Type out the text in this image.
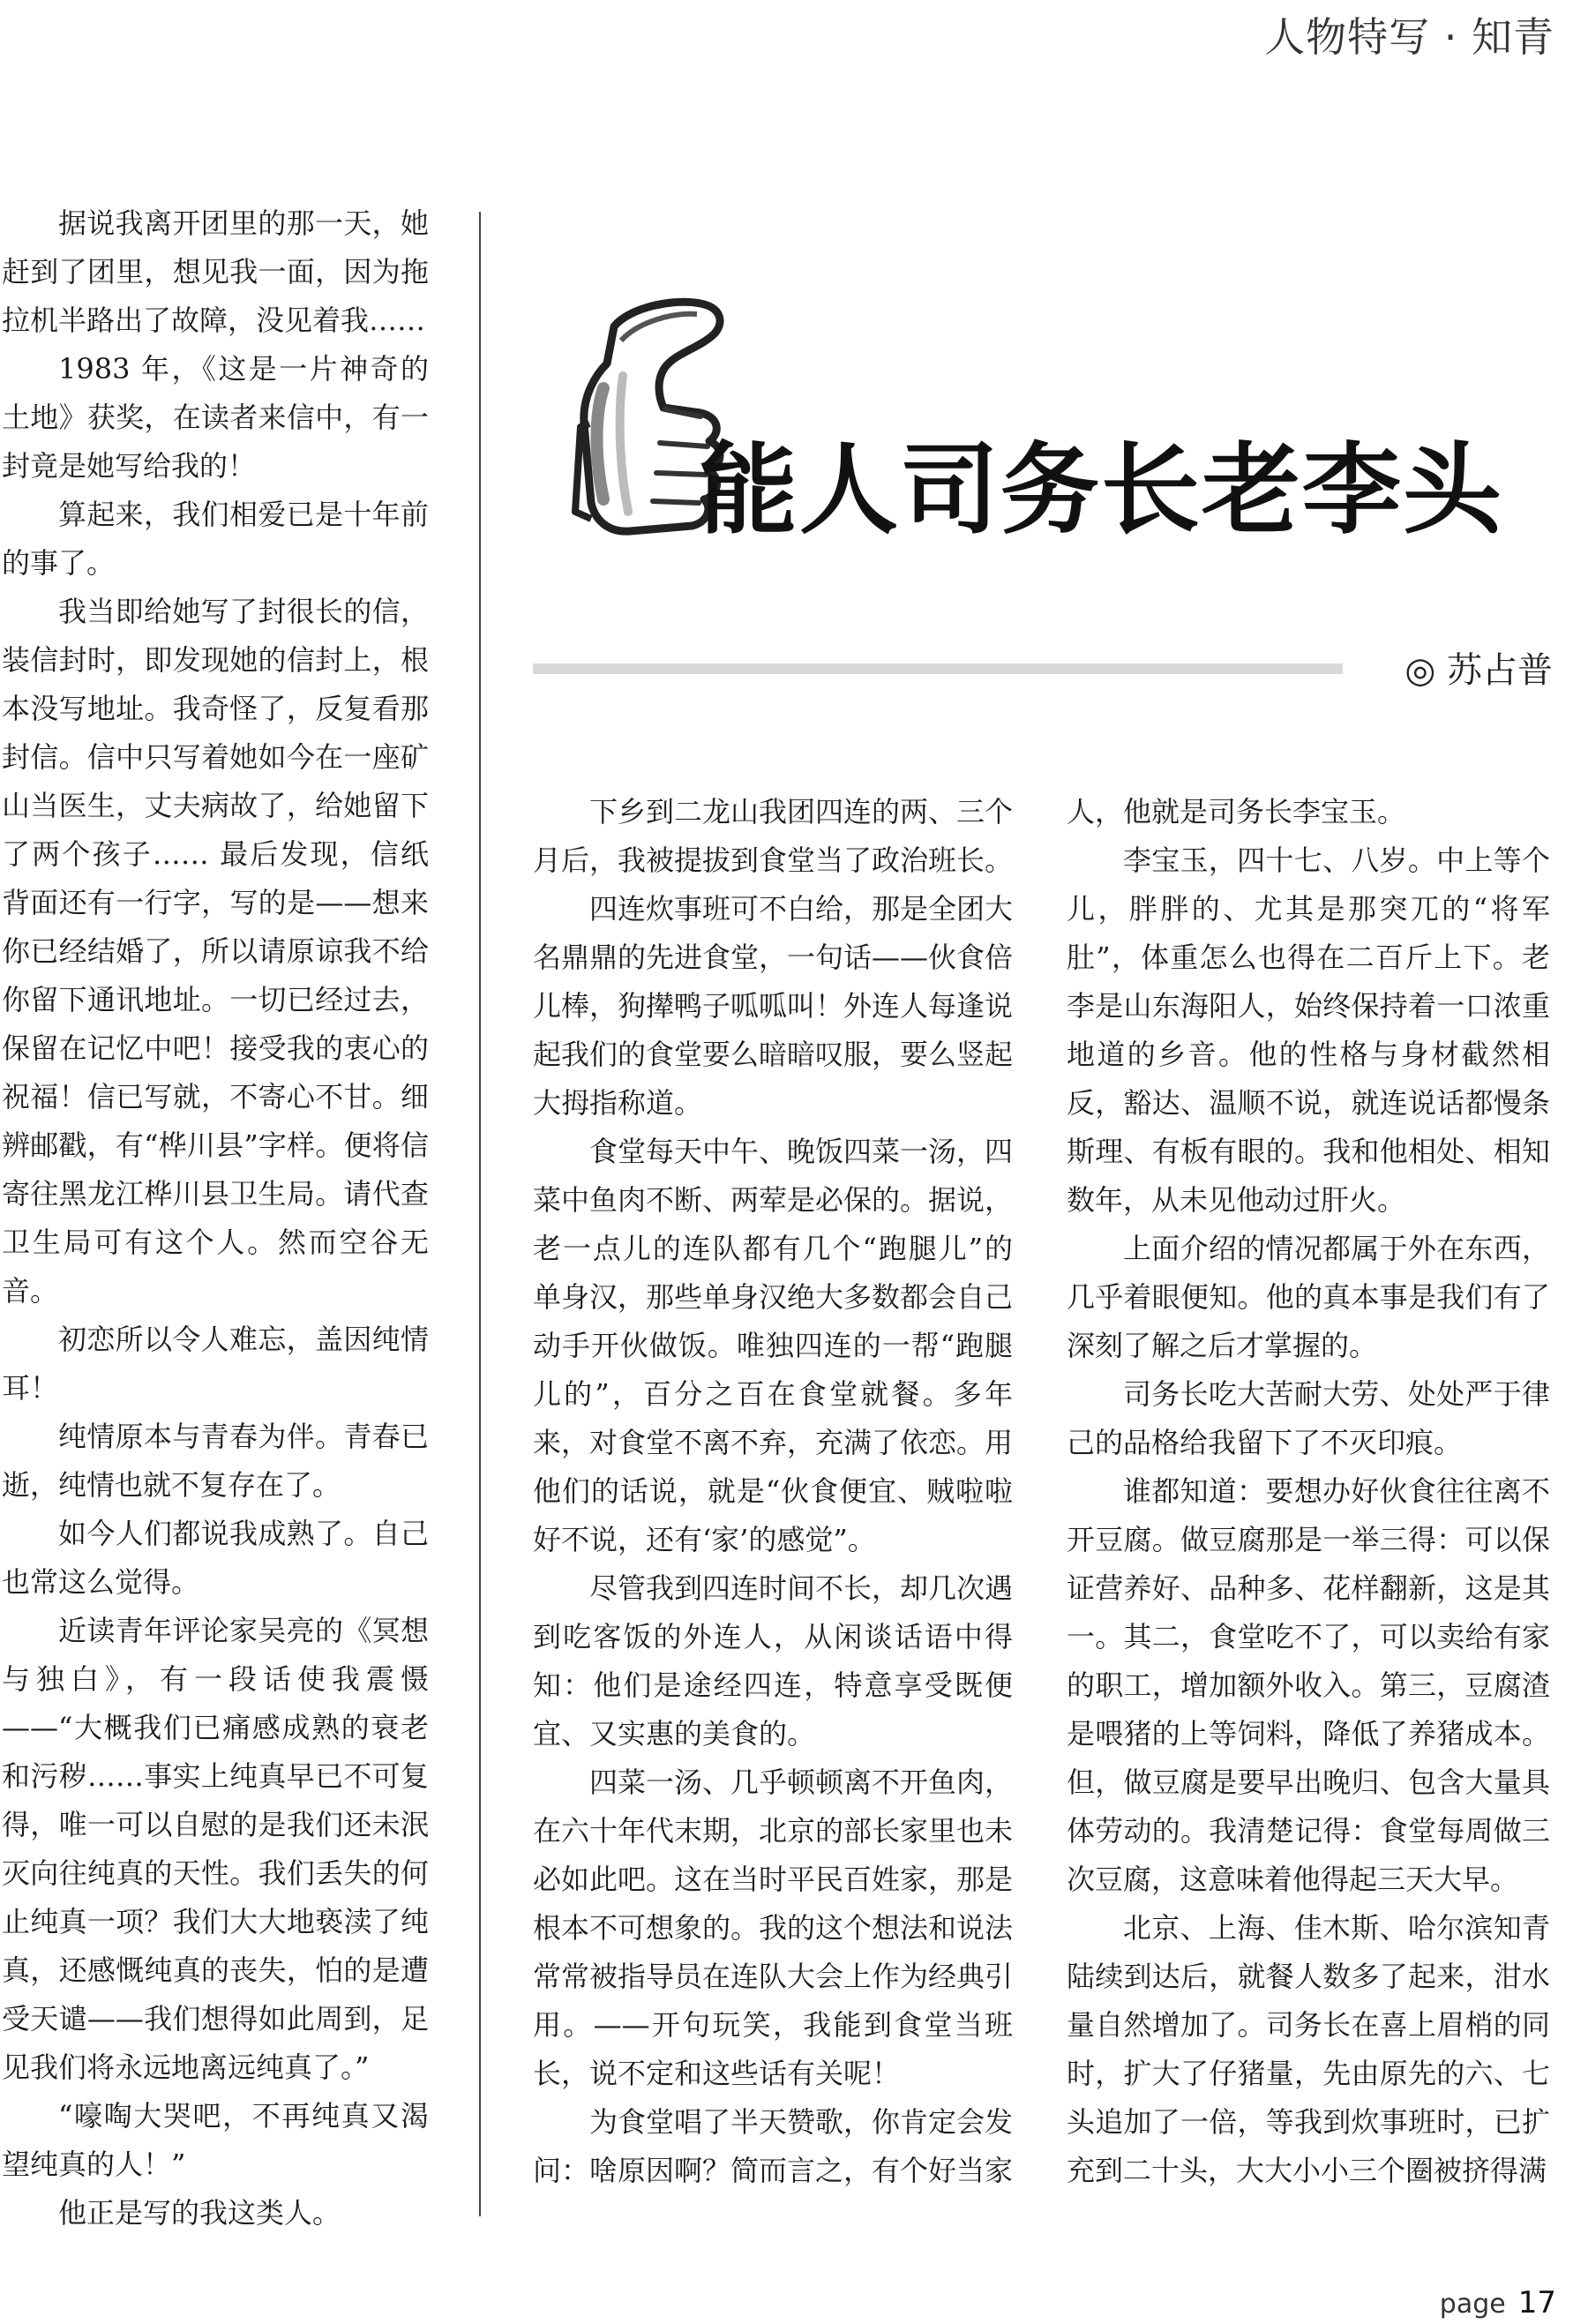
人物特写 · 知青

据说我离开团里的那一天，她赶到了团里，想见我一面，因为拖拉机半路出了故障，没见着我……

1983 年，《这是一片神奇的土地》获奖，在读者来信中，有一封竟是她写给我的！

算起来，我们相爱已是十年前的事了。

我当即给她写了封很长的信，装信封时，即发现她的信封上，根本没写地址。我奇怪了，反复看那封信。信中只写着她如今在一座矿山当医生，丈夫病故了，给她留下了两个孩子…… 最后发现，信纸背面还有一行字，写的是——想来你已经结婚了，所以请原谅我不给你留下通讯地址。一切已经过去，保留在记忆中吧！接受我的衷心的祝福！信已写就，不寄心不甘。细辨邮戳，有“桦川县”字样。便将信寄往黑龙江桦川县卫生局。请代查卫生局可有这个人。然而空谷无音。

初恋所以令人难忘，盖因纯情耳！

纯情原本与青春为伴。青春已逝，纯情也就不复存在了。

如今人们都说我成熟了。自己也常这么觉得。

近读青年评论家吴亮的《冥想与独白》，有一段话使我震慑——“大概我们已痛感成熟的衰老和污秽……事实上纯真早已不可复得，唯一可以自慰的是我们还未泯灭向往纯真的天性。我们丢失的何止纯真一项？我们大大地亵渎了纯真，还感慨纯真的丧失，怕的是遭受天谴——我们想得如此周到，足见我们将永远地离远纯真了。”

“嚎啕大哭吧，不再纯真又渴望纯真的人！”

他正是写的我这类人。

能人司务长老李头
◎ 苏占普

下乡到二龙山我团四连的两、三个月后，我被提拔到食堂当了政治班长。

四连炊事班可不白给，那是全团大名鼎鼎的先进食堂，一句话——伙食倍儿棒，狗撵鸭子呱呱叫！外连人每逢说起我们的食堂要么暗暗叹服，要么竖起大拇指称道。

食堂每天中午、晚饭四菜一汤，四菜中鱼肉不断、两荤是必保的。据说，老一点儿的连队都有几个“跑腿儿”的单身汉，那些单身汉绝大多数都会自己动手开伙做饭。唯独四连的一帮“跑腿儿的”，百分之百在食堂就餐。多年来，对食堂不离不弃，充满了依恋。用他们的话说，就是“伙食便宜、贼啦啦好不说，还有‘家’的感觉”。

尽管我到四连时间不长，却几次遇到吃客饭的外连人，从闲谈话语中得知：他们是途经四连，特意享受既便宜、又实惠的美食的。

四菜一汤、几乎顿顿离不开鱼肉，在六十年代末期，北京的部长家里也未必如此吧。这在当时平民百姓家，那是根本不可想象的。我的这个想法和说法常常被指导员在连队大会上作为经典引用。——开句玩笑，我能到食堂当班长，说不定和这些话有关呢！

为食堂唱了半天赞歌，你肯定会发问：啥原因啊？简而言之，有个好当家

人，他就是司务长李宝玉。

李宝玉，四十七、八岁。中上等个儿，胖胖的、尤其是那突兀的“将军肚”，体重怎么也得在二百斤上下。老李是山东海阳人，始终保持着一口浓重地道的乡音。他的性格与身材截然相反，豁达、温顺不说，就连说话都慢条斯理、有板有眼的。我和他相处、相知数年，从未见他动过肝火。

上面介绍的情况都属于外在东西，几乎着眼便知。他的真本事是我们有了深刻了解之后才掌握的。

司务长吃大苦耐大劳、处处严于律己的品格给我留下了不灭印痕。

谁都知道：要想办好伙食往往离不开豆腐。做豆腐那是一举三得：可以保证营养好、品种多、花样翻新，这是其一。其二，食堂吃不了，可以卖给有家的职工，增加额外收入。第三，豆腐渣是喂猪的上等饲料，降低了养猪成本。但，做豆腐是要早出晚归、包含大量具体劳动的。我清楚记得：食堂每周做三次豆腐，这意味着他得起三天大早。

北京、上海、佳木斯、哈尔滨知青陆续到达后，就餐人数多了起来，泔水量自然增加了。司务长在喜上眉梢的同时，扩大了仔猪量，先由原先的六、七头追加了一倍，等我到炊事班时，已扩充到二十头，大大小小三个圈被挤得满

page 17
